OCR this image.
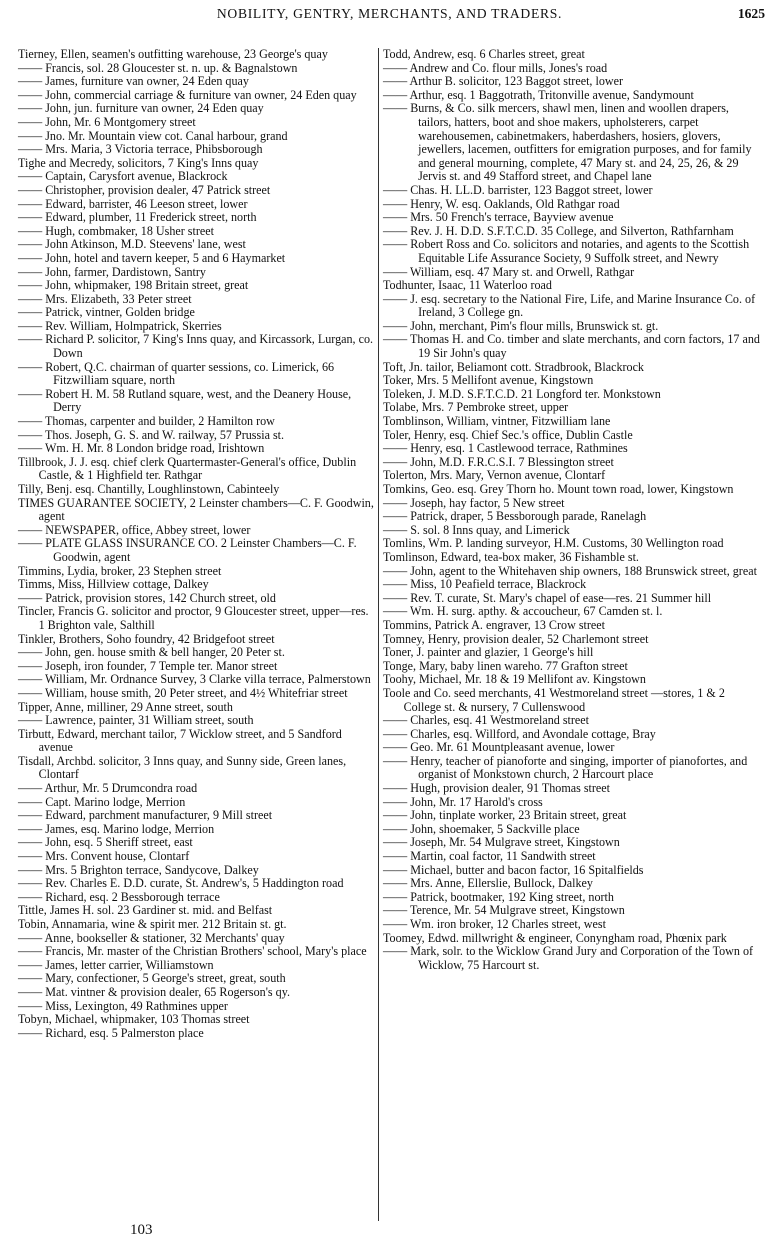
NOBILITY, GENTRY, MERCHANTS, AND TRADERS.	1625
Tierney, Ellen, seamen's outfitting warehouse, 23 George's quay
—— Francis, sol. 28 Gloucester st. n. up. & Bagnalstown
—— James, furniture van owner, 24 Eden quay
—— John, commercial carriage & furniture van owner, 24 Eden quay
—— John, jun. furniture van owner, 24 Eden quay
—— John, Mr. 6 Montgomery street
—— Jno. Mr. Mountain view cot. Canal harbour, grand
—— Mrs. Maria, 3 Victoria terrace, Phibsborough
Tighe and Mecredy, solicitors, 7 King's Inns quay
—— Captain, Carysfort avenue, Blackrock
—— Christopher, provision dealer, 47 Patrick street
—— Edward, barrister, 46 Leeson street, lower
—— Edward, plumber, 11 Frederick street, north
—— Hugh, combmaker, 18 Usher street
—— John Atkinson, M.D. Steevens' lane, west
—— John, hotel and tavern keeper, 5 and 6 Haymarket
—— John, farmer, Dardistown, Santry
—— John, whipmaker, 198 Britain street, great
—— Mrs. Elizabeth, 33 Peter street
—— Patrick, vintner, Golden bridge
—— Rev. William, Holmpatrick, Skerries
—— Richard P. solicitor, 7 King's Inns quay, and Kircassork, Lurgan, co. Down
—— Robert, Q.C. chairman of quarter sessions, co. Limerick, 66 Fitzwilliam square, north
—— Robert H. M. 58 Rutland square, west, and the Deanery House, Derry
—— Thomas, carpenter and builder, 2 Hamilton row
—— Thos. Joseph, G. S. and W. railway, 57 Prussia st.
—— Wm. H. Mr. 8 London bridge road, Irishtown
Tillbrook, J. J. esq. chief clerk Quartermaster-General's office, Dublin Castle, & 1 Highfield ter. Rathgar
Tilly, Benj. esq. Chantilly, Loughlinstown, Cabinteely
TIMES GUARANTEE SOCIETY, 2 Leinster chambers—C. F. Goodwin, agent
—— NEWSPAPER, office, Abbey street, lower
—— PLATE GLASS INSURANCE CO. 2 Leinster Chambers—C. F. Goodwin, agent
Timmins, Lydia, broker, 23 Stephen street
Timms, Miss, Hillview cottage, Dalkey
—— Patrick, provision stores, 142 Church street, old
Tincler, Francis G. solicitor and proctor, 9 Gloucester street, upper—res. 1 Brighton vale, Salthill
Tinkler, Brothers, Soho foundry, 42 Bridgefoot street
—— John, gen. house smith & bell hanger, 20 Peter st.
—— Joseph, iron founder, 7 Temple ter. Manor street
—— William, Mr. Ordnance Survey, 3 Clarke villa terrace, Palmerstown
—— William, house smith, 20 Peter street, and 4½ Whitefriar street
Tipper, Anne, milliner, 29 Anne street, south
—— Lawrence, painter, 31 William street, south
Tirbutt, Edward, merchant tailor, 7 Wicklow street, and 5 Sandford avenue
Tisdall, Archbd. solicitor, 3 Inns quay, and Sunny side, Green lanes, Clontarf
—— Arthur, Mr. 5 Drumcondra road
—— Capt. Marino lodge, Merrion
—— Edward, parchment manufacturer, 9 Mill street
—— James, esq. Marino lodge, Merrion
—— John, esq. 5 Sheriff street, east
—— Mrs. Convent house, Clontarf
—— Mrs. 5 Brighton terrace, Sandycove, Dalkey
—— Rev. Charles E. D.D. curate, St. Andrew's, 5 Haddington road
—— Richard, esq. 2 Bessborough terrace
Tittle, James H. sol. 23 Gardiner st. mid. and Belfast
Tobin, Annamaria, wine & spirit mer. 212 Britain st. gt.
—— Anne, bookseller & stationer, 32 Merchants' quay
—— Francis, Mr. master of the Christian Brothers' school, Mary's place
—— James, letter carrier, Williamstown
—— Mary, confectioner, 5 George's street, great, south
—— Mat. vintner & provision dealer, 65 Rogerson's qy.
—— Miss, Lexington, 49 Rathmines upper
Tobyn, Michael, whipmaker, 103 Thomas street
—— Richard, esq. 5 Palmerston place
Todd, Andrew, esq. 6 Charles street, great
—— Andrew and Co. flour mills, Jones's road
—— Arthur B. solicitor, 123 Baggot street, lower
—— Arthur, esq. 1 Baggotrath, Tritonville avenue, Sandymount
—— Burns, & Co. silk mercers, shawl men, linen and woollen drapers, tailors, hatters, boot and shoe makers, upholsterers, carpet warehousemen, cabinetmakers, haberdashers, hosiers, glovers, jewellers, lacemen, outfitters for emigration purposes, and for family and general mourning, complete, 47 Mary st. and 24, 25, 26, & 29 Jervis st. and 49 Stafford street, and Chapel lane
—— Chas. H. LL.D. barrister, 123 Baggot street, lower
—— Henry, W. esq. Oaklands, Old Rathgar road
—— Mrs. 50 French's terrace, Bayview avenue
—— Rev. J. H. D.D. S.F.T.C.D. 35 College, and Silverton, Rathfarnham
—— Robert Ross and Co. solicitors and notaries, and agents to the Scottish Equitable Life Assurance Society, 9 Suffolk street, and Newry
—— William, esq. 47 Mary st. and Orwell, Rathgar
Todhunter, Isaac, 11 Waterloo road
—— J. esq. secretary to the National Fire, Life, and Marine Insurance Co. of Ireland, 3 College gn.
—— John, merchant, Pim's flour mills, Brunswick st. gt.
—— Thomas H. and Co. timber and slate merchants, and corn factors, 17 and 19 Sir John's quay
Toft, Jn. tailor, Beliamont cott. Stradbrook, Blackrock
Toker, Mrs. 5 Mellifont avenue, Kingstown
Toleken, J. M.D. S.F.T.C.D. 21 Longford ter. Monkstown
Tolabe, Mrs. 7 Pembroke street, upper
Tomblinson, William, vintner, Fitzwilliam lane
Toler, Henry, esq. Chief Sec.'s office, Dublin Castle
—— Henry, esq. 1 Castlewood terrace, Rathmines
—— John, M.D. F.R.C.S.I. 7 Blessington street
Tolerton, Mrs. Mary, Vernon avenue, Clontarf
Tomkins, Geo. esq. Grey Thorn ho. Mount town road, lower, Kingstown
—— Joseph, hay factor, 5 New street
—— Patrick, draper, 5 Bessborough parade, Ranelagh
—— S. sol. 8 Inns quay, and Limerick
Tomlins, Wm. P. landing surveyor, H.M. Customs, 30 Wellington road
Tomlinson, Edward, tea-box maker, 36 Fishamble st.
—— John, agent to the Whitehaven ship owners, 188 Brunswick street, great
—— Miss, 10 Peafield terrace, Blackrock
—— Rev. T. curate, St. Mary's chapel of ease—res. 21 Summer hill
—— Wm. H. surg. apthy. & accoucheur, 67 Camden st. l.
Tommins, Patrick A. engraver, 13 Crow street
Tomney, Henry, provision dealer, 52 Charlemont street
Toner, J. painter and glazier, 1 George's hill
Tonge, Mary, baby linen wareho. 77 Grafton street
Toohy, Michael, Mr. 18 & 19 Mellifont av. Kingstown
Toole and Co. seed merchants, 41 Westmoreland street —stores, 1 & 2 College st. & nursery, 7 Cullenswood
—— Charles, esq. 41 Westmoreland street
—— Charles, esq. Willford, and Avondale cottage, Bray
—— Geo. Mr. 61 Mountpleasant avenue, lower
—— Henry, teacher of pianoforte and singing, importer of pianofortes, and organist of Monkstown church, 2 Harcourt place
—— Hugh, provision dealer, 91 Thomas street
—— John, Mr. 17 Harold's cross
—— John, tinplate worker, 23 Britain street, great
—— John, shoemaker, 5 Sackville place
—— Joseph, Mr. 54 Mulgrave street, Kingstown
—— Martin, coal factor, 11 Sandwith street
—— Michael, butter and bacon factor, 16 Spitalfields
—— Mrs. Anne, Ellerslie, Bullock, Dalkey
—— Patrick, bootmaker, 192 King street, north
—— Terence, Mr. 54 Mulgrave street, Kingstown
—— Wm. iron broker, 12 Charles street, west
Toomey, Edwd. millwright & engineer, Conyngham road, Phœnix park
—— Mark, solr. to the Wicklow Grand Jury and Corporation of the Town of Wicklow, 75 Harcourt st.
103
